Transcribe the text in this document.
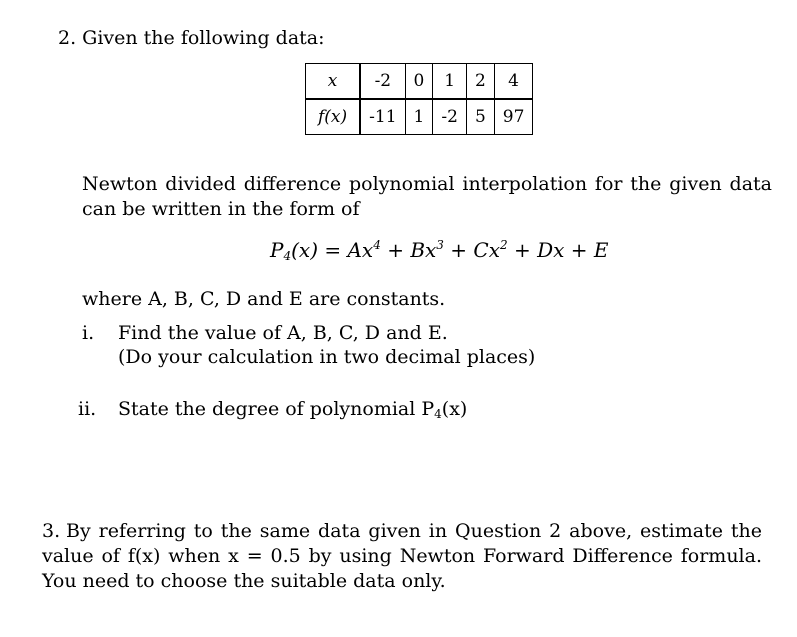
2. Given the following data:
x	-2	0	1	2	4
f(x)	-11	1	-2	5	97
Newton divided difference polynomial interpolation for the given data can be written in the form of
$P_4(x) = Ax^4 + Bx^3 + Cx^2 + Dx + E$
where A, B, C, D and E are constants.
i. Find the value of A, B, C, D and E.
(Do your calculation in two decimal places)
ii. State the degree of polynomial $P_4(x)$
3. By referring to the same data given in Question 2 above, estimate the value of f(x) when x = 0.5 by using Newton Forward Difference formula. You need to choose the suitable data only.
